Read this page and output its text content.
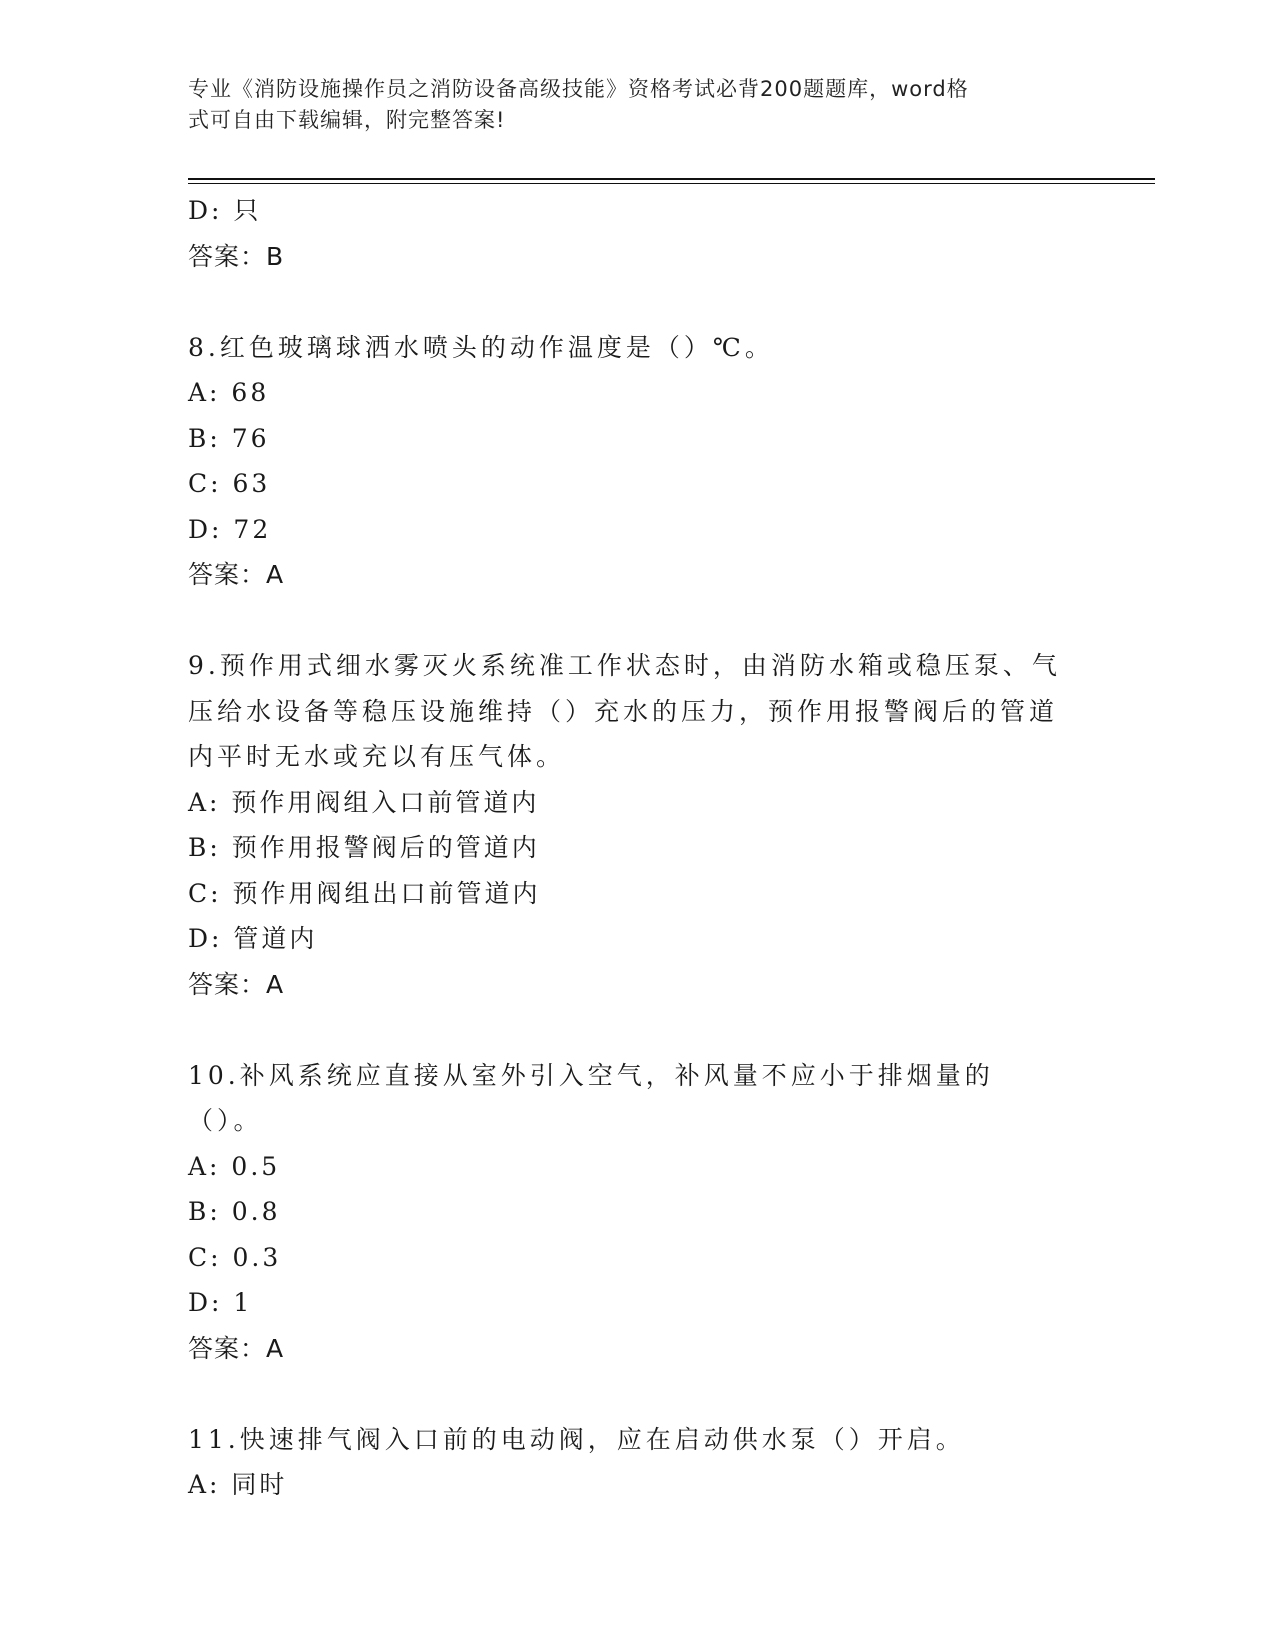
专业《消防设施操作员之消防设备高级技能》资格考试必背200题题库，word格
式可自由下载编辑，附完整答案!
D: 只
答案：B
8.红色玻璃球洒水喷头的动作温度是（）℃。
A: 68
B: 76
C: 63
D: 72
答案：A
9.预作用式细水雾灭火系统准工作状态时，由消防水箱或稳压泵、气
压给水设备等稳压设施维持（）充水的压力，预作用报警阀后的管道
内平时无水或充以有压气体。
A: 预作用阀组入口前管道内
B: 预作用报警阀后的管道内
C: 预作用阀组出口前管道内
D: 管道内
答案：A
10.补风系统应直接从室外引入空气，补风量不应小于排烟量的（）。
A: 0.5
B: 0.8
C: 0.3
D: 1
答案：A
11.快速排气阀入口前的电动阀，应在启动供水泵（）开启。
A: 同时
